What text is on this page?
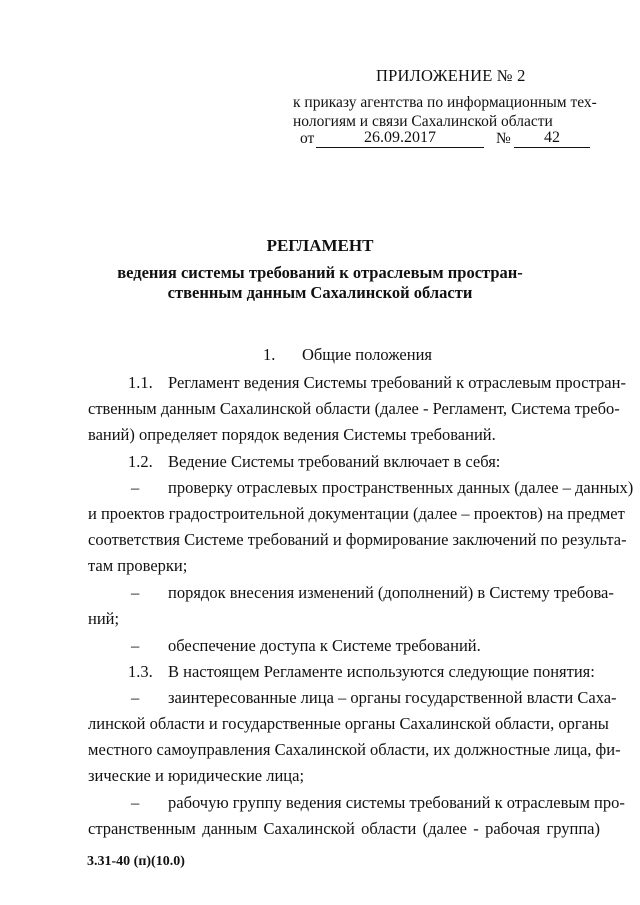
ПРИЛОЖЕНИЕ № 2
к приказу агентства по информационным тех-
нологиям и связи Сахалинской области
от	26.09.2017	№	42
РЕГЛАМЕНТ
ведения системы требований к отраслевым простран-
ственным данным Сахалинской области
1. Общие положения
1.1. Регламент ведения Системы требований к отраслевым простран-
ственным данным Сахалинской области (далее - Регламент, Система требо-
ваний) определяет порядок ведения Системы требований.
1.2. Ведение Системы требований включает в себя:
– проверку отраслевых пространственных данных (далее – данных)
и проектов градостроительной документации (далее – проектов) на предмет
соответствия Системе требований и формирование заключений по результа-
там проверки;
– порядок внесения изменений (дополнений) в Систему требова-
ний;
– обеспечение доступа к Системе требований.
1.3. В настоящем Регламенте используются следующие понятия:
– заинтересованные лица – органы государственной власти Саха-
линской области и государственные органы Сахалинской области, органы
местного самоуправления Сахалинской области, их должностные лица, фи-
зические и юридические лица;
– рабочую группу ведения системы требований к отраслевым про-
странственным данным Сахалинской области (далее - рабочая группа)
3.31-40 (п)(10.0)
